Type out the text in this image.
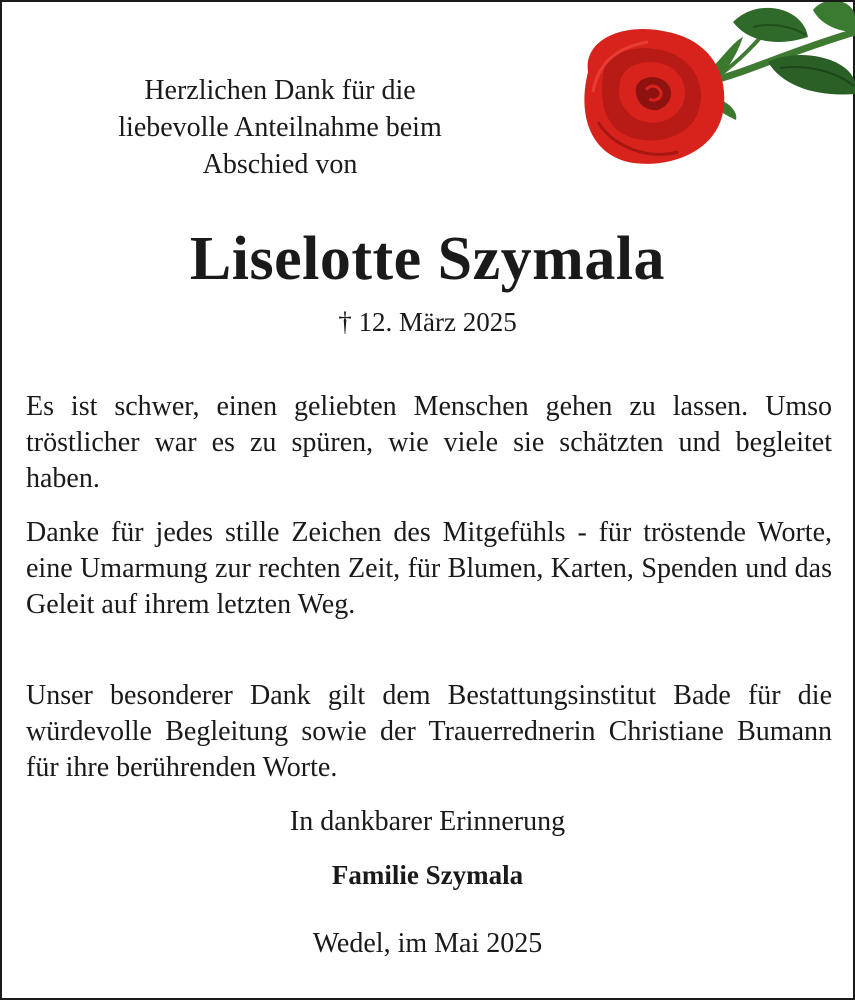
Herzlichen Dank für die
liebevolle Anteilnahme beim
Abschied von
Liselotte Szymala
† 12. März 2025
Es ist schwer, einen geliebten Menschen gehen zu lassen. Umso tröstlicher war es zu spüren, wie viele sie schätzten und begleitet haben.
Danke für jedes stille Zeichen des Mitgefühls - für tröstende Worte, eine Umarmung zur rechten Zeit, für Blumen, Karten, Spenden und das Geleit auf ihrem letzten Weg.
Unser besonderer Dank gilt dem Bestattungsinstitut Bade für die würdevolle Begleitung sowie der Trauerrednerin Christiane Bumann für ihre berührenden Worte.
In dankbarer Erinnerung
Familie Szymala
Wedel, im Mai 2025
